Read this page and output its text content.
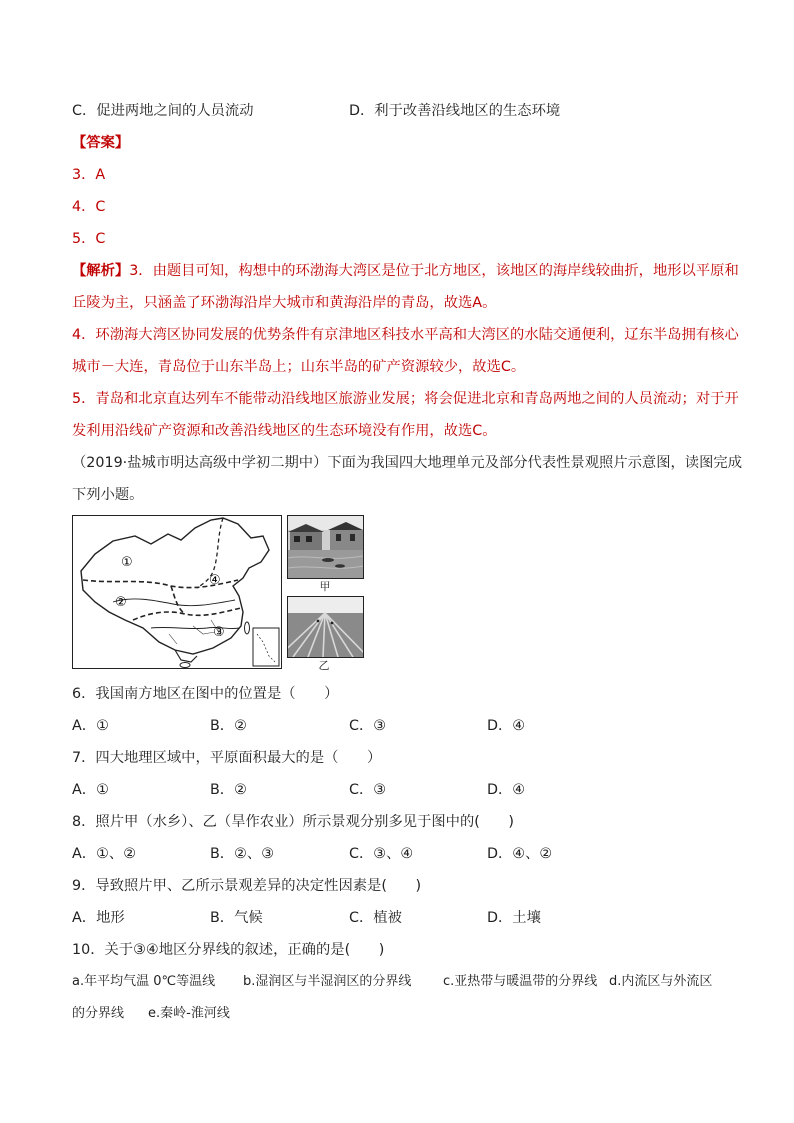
C．促进两地之间的人员流动	D．利于改善沿线地区的生态环境
【答案】
3．A
4．C
5．C
【解析】3．由题目可知，构想中的环渤海大湾区是位于北方地区，该地区的海岸线较曲折，地形以平原和
丘陵为主，只涵盖了环渤海沿岸大城市和黄海沿岸的青岛，故选A。
4．环渤海大湾区协同发展的优势条件有京津地区科技水平高和大湾区的水陆交通便利，辽东半岛拥有核心
城市－大连，青岛位于山东半岛上；山东半岛的矿产资源较少，故选C。
5．青岛和北京直达列车不能带动沿线地区旅游业发展；将会促进北京和青岛两地之间的人员流动；对于开
发利用沿线矿产资源和改善沿线地区的生态环境没有作用，故选C。
（2019·盐城市明达高级中学初二期中）下面为我国四大地理单元及部分代表性景观照片示意图，读图完成
下列小题。
①
②
③
④	甲
乙
6．我国南方地区在图中的位置是（　　）
A．①	B．②	C．③	D．④
7．四大地理区域中，平原面积最大的是（　　）
A．①	B．②	C．③	D．④
8．照片甲（水乡）、乙（旱作农业）所示景观分别多见于图中的(　　)
A．①、②	B．②、③	C．③、④	D．④、②
9．导致照片甲、乙所示景观差异的决定性因素是(　　)
A．地形	B．气候	C．植被	D．土壤
10．关于③④地区分界线的叙述，正确的是(　　)
a.年平均气温 0℃等温线 b.湿润区与半湿润区的分界线 c.亚热带与暖温带的分界线 d.内流区与外流区
的分界线 e.秦岭-淮河线
